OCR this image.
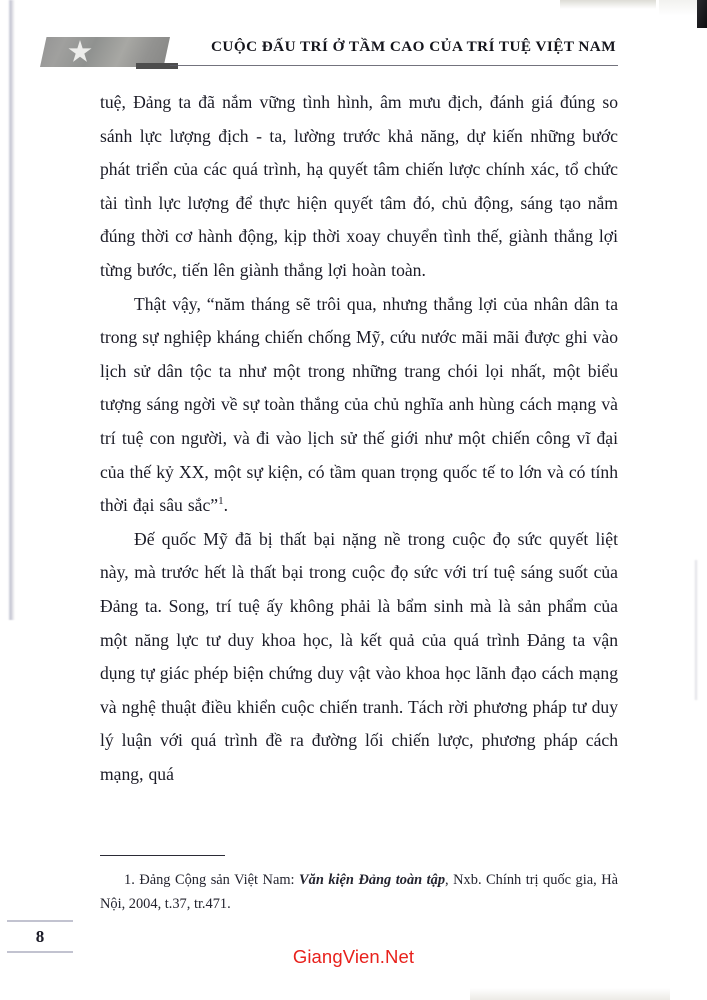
CUỘC ĐẤU TRÍ Ở TẦM CAO CỦA TRÍ TUỆ VIỆT NAM

tuệ, Đảng ta đã nắm vững tình hình, âm mưu địch, đánh giá đúng so sánh lực lượng địch - ta, lường trước khả năng, dự kiến những bước phát triển của các quá trình, hạ quyết tâm chiến lược chính xác, tổ chức tài tình lực lượng để thực hiện quyết tâm đó, chủ động, sáng tạo nắm đúng thời cơ hành động, kịp thời xoay chuyển tình thế, giành thắng lợi từng bước, tiến lên giành thắng lợi hoàn toàn.

Thật vậy, “năm tháng sẽ trôi qua, nhưng thắng lợi của nhân dân ta trong sự nghiệp kháng chiến chống Mỹ, cứu nước mãi mãi được ghi vào lịch sử dân tộc ta như một trong những trang chói lọi nhất, một biểu tượng sáng ngời về sự toàn thắng của chủ nghĩa anh hùng cách mạng và trí tuệ con người, và đi vào lịch sử thế giới như một chiến công vĩ đại của thế kỷ XX, một sự kiện, có tầm quan trọng quốc tế to lớn và có tính thời đại sâu sắc”$^1$.

Đế quốc Mỹ đã bị thất bại nặng nề trong cuộc đọ sức quyết liệt này, mà trước hết là thất bại trong cuộc đọ sức với trí tuệ sáng suốt của Đảng ta. Song, trí tuệ ấy không phải là bẩm sinh mà là sản phẩm của một năng lực tư duy khoa học, là kết quả của quá trình Đảng ta vận dụng tự giác phép biện chứng duy vật vào khoa học lãnh đạo cách mạng và nghệ thuật điều khiển cuộc chiến tranh. Tách rời phương pháp tư duy lý luận với quá trình đề ra đường lối chiến lược, phương pháp cách mạng, quá

1. Đảng Cộng sản Việt Nam: Văn kiện Đảng toàn tập, Nxb. Chính trị quốc gia, Hà Nội, 2004, t.37, tr.471.

8
GiangVien.Net
